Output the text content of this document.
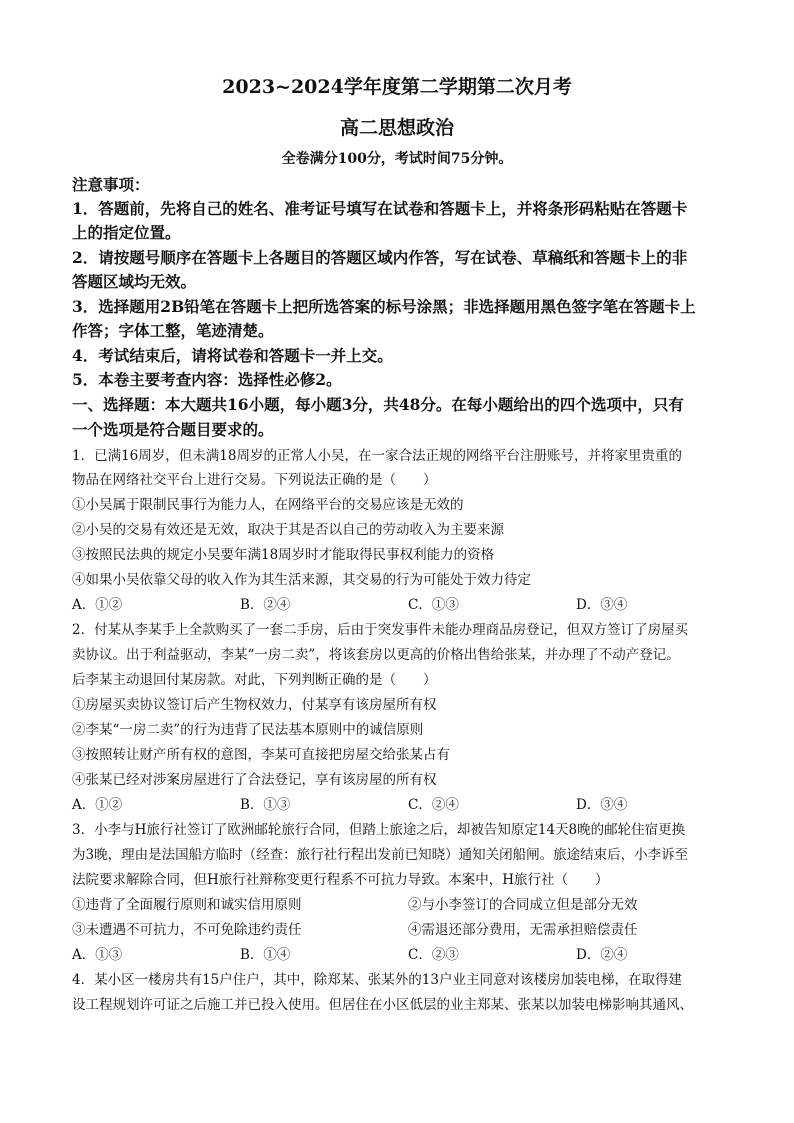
2023~2024学年度第二学期第二次月考
高二思想政治
全卷满分100分，考试时间75分钟。
注意事项：
1．答题前，先将自己的姓名、准考证号填写在试卷和答题卡上，并将条形码粘贴在答题卡
上的指定位置。
2．请按题号顺序在答题卡上各题目的答题区域内作答，写在试卷、草稿纸和答题卡上的非
答题区域均无效。
3．选择题用2B铅笔在答题卡上把所选答案的标号涂黑；非选择题用黑色签字笔在答题卡上
作答；字体工整，笔迹清楚。
4．考试结束后，请将试卷和答题卡一并上交。
5．本卷主要考查内容：选择性必修2。
一、选择题：本大题共16小题，每小题3分，共48分。在每小题给出的四个选项中，只有
一个选项是符合题目要求的。
1．已满16周岁，但未满18周岁的正常人小吴，在一家合法正规的网络平台注册账号，并将家里贵重的
物品在网络社交平台上进行交易。下列说法正确的是（　　）
①小吴属于限制民事行为能力人，在网络平台的交易应该是无效的
②小吴的交易有效还是无效，取决于其是否以自己的劳动收入为主要来源
③按照民法典的规定小吴要年满18周岁时才能取得民事权利能力的资格
④如果小吴依靠父母的收入作为其生活来源，其交易的行为可能处于效力待定
A．①②	B．②④	C．①③	D．③④
2．付某从李某手上全款购买了一套二手房，后由于突发事件未能办理商品房登记，但双方签订了房屋买
卖协议。出于利益驱动，李某“一房二卖”，将该套房以更高的价格出售给张某，并办理了不动产登记。
后李某主动退回付某房款。对此，下列判断正确的是（　　）
①房屋买卖协议签订后产生物权效力，付某享有该房屋所有权
②李某“一房二卖”的行为违背了民法基本原则中的诚信原则
③按照转让财产所有权的意图，李某可直接把房屋交给张某占有
④张某已经对涉案房屋进行了合法登记，享有该房屋的所有权
A．①②	B．①③	C．②④	D．③④
3．小李与H旅行社签订了欧洲邮轮旅行合同，但踏上旅途之后，却被告知原定14天8晚的邮轮住宿更换
为3晚，理由是法国船方临时（经查：旅行社行程出发前已知晓）通知关闭船闸。旅途结束后，小李诉至
法院要求解除合同，但H旅行社辩称变更行程系不可抗力导致。本案中，H旅行社（　　）
①违背了全面履行原则和诚实信用原则	②与小李签订的合同成立但是部分无效
③未遭遇不可抗力，不可免除违约责任	④需退还部分费用，无需承担赔偿责任
A．①③	B．①④	C．②③	D．②④
4．某小区一楼房共有15户住户，其中，除郑某、张某外的13户业主同意对该楼房加装电梯，在取得建
设工程规划许可证之后施工并已投入使用。但居住在小区低层的业主郑某、张某以加装电梯影响其通风、
